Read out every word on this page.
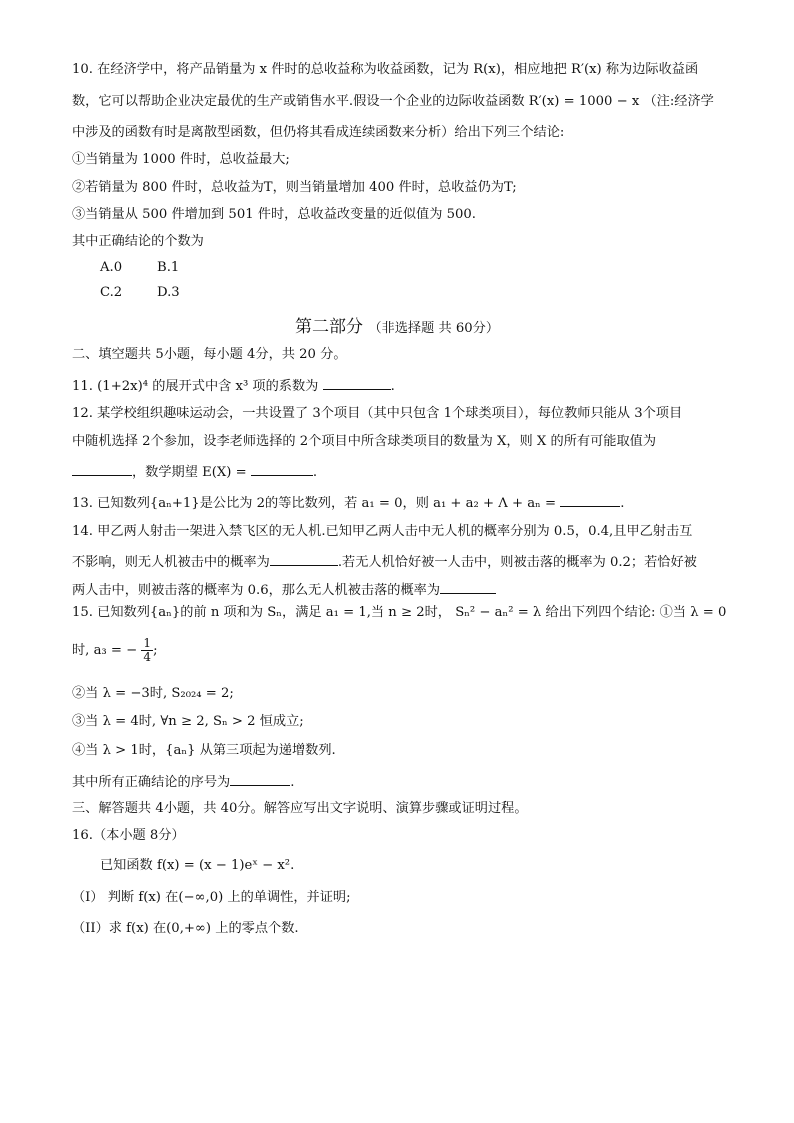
10. 在经济学中，将产品销量为 x 件时的总收益称为收益函数，记为 R(x)，相应地把 R′(x) 称为边际收益函
数，它可以帮助企业决定最优的生产或销售水平.假设一个企业的边际收益函数 R′(x) = 1000 − x （注:经济学
中涉及的函数有时是离散型函数，但仍将其看成连续函数来分析）给出下列三个结论:
①当销量为 1000 件时，总收益最大;
②若销量为 800 件时，总收益为T，则当销量增加 400 件时，总收益仍为T;
③当销量从 500 件增加到 501 件时，总收益改变量的近似值为 500.
其中正确结论的个数为
A.0	B.1
C.2	D.3
第二部分 （非选择题 共 60分）
二、填空题共 5小题，每小题 4分，共 20 分。
11. (1+2x)⁴ 的展开式中含 x³ 项的系数为	.
12. 某学校组织趣味运动会，一共设置了 3个项目（其中只包含 1个球类项目），每位教师只能从 3个项目
中随机选择 2个参加，设李老师选择的 2个项目中所含球类项目的数量为 X，则 X 的所有可能取值为
，数学期望 E(X) =	.
13. 已知数列{aₙ+1}是公比为 2的等比数列，若 a₁ = 0，则 a₁ + a₂ + Λ + aₙ =	.
14. 甲乙两人射击一架进入禁飞区的无人机.已知甲乙两人击中无人机的概率分别为 0.5，0.4,且甲乙射击互
不影响，则无人机被击中的概率为	.若无人机恰好被一人击中，则被击落的概率为 0.2；若恰好被
两人击中，则被击落的概率为 0.6，那么无人机被击落的概率为
15. 已知数列{aₙ}的前 n 项和为 Sₙ，满足 a₁ = 1,当 n ≥ 2时， Sₙ² − aₙ² = λ 给出下列四个结论: ①当 λ = 0
时, a₃ = − $\frac{1}{4}$ ;
②当 λ = −3时, S₂₀₂₄ = 2;
③当 λ = 4时, ∀n ≥ 2, Sₙ > 2 恒成立;
④当 λ > 1时，{aₙ} 从第三项起为递增数列.
其中所有正确结论的序号为	.
三、解答题共 4小题，共 40分。解答应写出文字说明、演算步骤或证明过程。
16.（本小题 8分）
已知函数 f(x) = (x − 1)eˣ − x².
（I） 判断 f(x) 在(−∞,0) 上的单调性，并证明;
（II）求 f(x) 在(0,+∞) 上的零点个数.
